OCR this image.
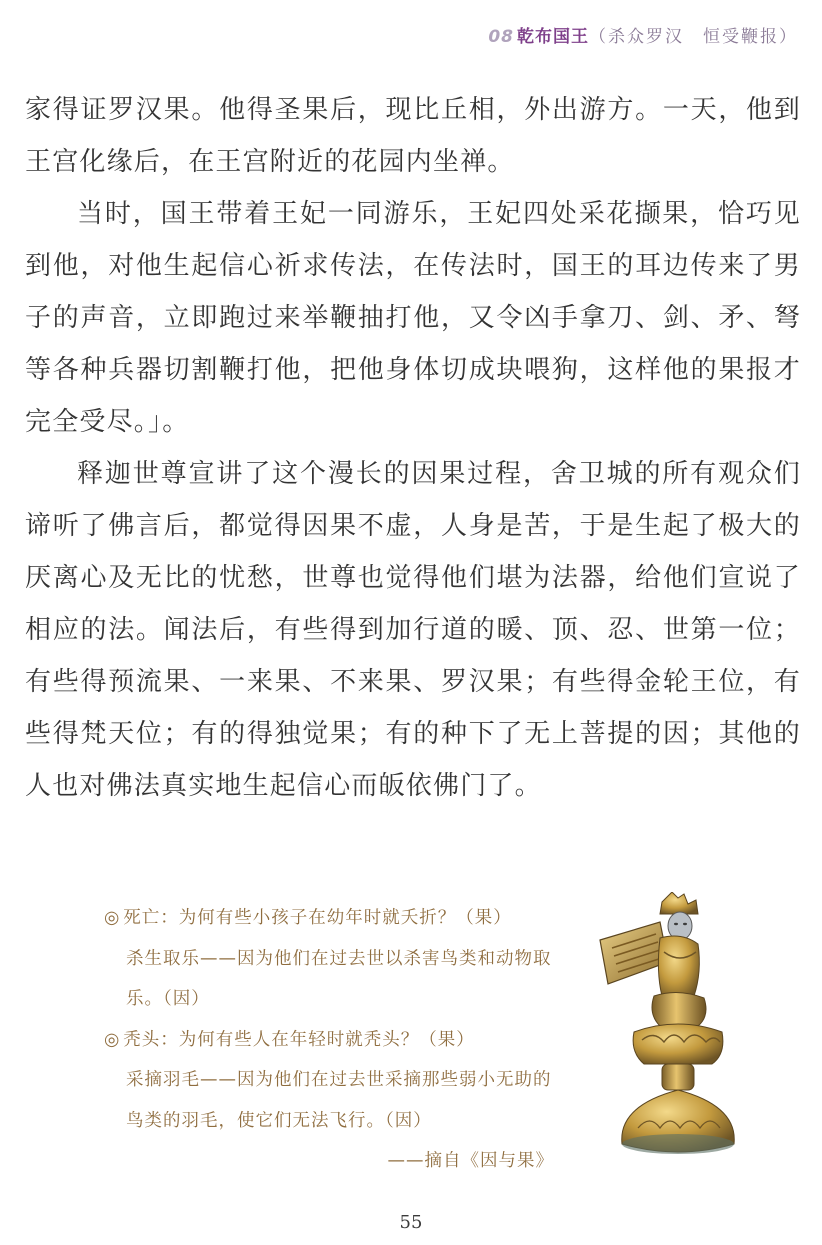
08 乾布国王（杀众罗汉　恒受鞭报）

家得证罗汉果。他得圣果后，现比丘相，外出游方。一天，他到王宫化缘后，在王宫附近的花园内坐禅。

当时，国王带着王妃一同游乐，王妃四处采花撷果，恰巧见到他，对他生起信心祈求传法，在传法时，国王的耳边传来了男子的声音，立即跑过来举鞭抽打他，又令凶手拿刀、剑、矛、弩等各种兵器切割鞭打他，把他身体切成块喂狗，这样他的果报才完全受尽。」。

释迦世尊宣讲了这个漫长的因果过程，舍卫城的所有观众们谛听了佛言后，都觉得因果不虚，人身是苦，于是生起了极大的厌离心及无比的忧愁，世尊也觉得他们堪为法器，给他们宣说了相应的法。闻法后，有些得到加行道的暖、顶、忍、世第一位；有些得预流果、一来果、不来果、罗汉果；有些得金轮王位，有些得梵天位；有的得独觉果；有的种下了无上菩提的因；其他的人也对佛法真实地生起信心而皈依佛门了。

◎ 死亡：为何有些小孩子在幼年时就夭折？（果）

杀生取乐——因为他们在过去世以杀害鸟类和动物取乐。（因）

◎ 秃头：为何有些人在年轻时就秃头？（果）

采摘羽毛——因为他们在过去世采摘那些弱小无助的鸟类的羽毛，使它们无法飞行。（因）

——摘自《因与果》

55
